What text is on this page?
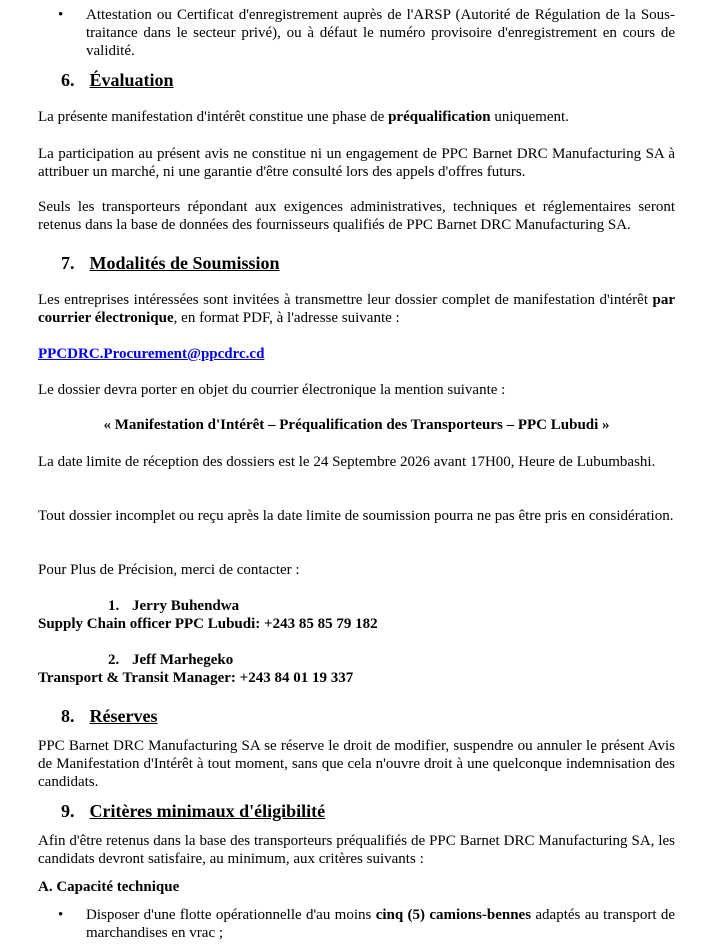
• Attestation ou Certificat d'enregistrement auprès de l'ARSP (Autorité de Régulation de la Sous-traitance dans le secteur privé), ou à défaut le numéro provisoire d'enregistrement en cours de validité.

6. Évaluation

La présente manifestation d'intérêt constitue une phase de préqualification uniquement.

La participation au présent avis ne constitue ni un engagement de PPC Barnet DRC Manufacturing SA à attribuer un marché, ni une garantie d'être consulté lors des appels d'offres futurs.

Seuls les transporteurs répondant aux exigences administratives, techniques et réglementaires seront retenus dans la base de données des fournisseurs qualifiés de PPC Barnet DRC Manufacturing SA.

7. Modalités de Soumission

Les entreprises intéressées sont invitées à transmettre leur dossier complet de manifestation d'intérêt par courrier électronique, en format PDF, à l'adresse suivante :

PPCDRC.Procurement@ppcdrc.cd

Le dossier devra porter en objet du courrier électronique la mention suivante :

« Manifestation d'Intérêt – Préqualification des Transporteurs – PPC Lubudi »

La date limite de réception des dossiers est le 24 Septembre 2026 avant 17H00, Heure de Lubumbashi.

Tout dossier incomplet ou reçu après la date limite de soumission pourra ne pas être pris en considération.

Pour Plus de Précision, merci de contacter :

1. Jerry Buhendwa
Supply Chain officer PPC Lubudi: +243 85 85 79 182
2. Jeff Marhegeko
Transport & Transit Manager: +243 84 01 19 337
8. Réserves

PPC Barnet DRC Manufacturing SA se réserve le droit de modifier, suspendre ou annuler le présent Avis de Manifestation d'Intérêt à tout moment, sans que cela n'ouvre droit à une quelconque indemnisation des candidats.

9. Critères minimaux d'éligibilité

Afin d'être retenus dans la base des transporteurs préqualifiés de PPC Barnet DRC Manufacturing SA, les candidats devront satisfaire, au minimum, aux critères suivants :

A. Capacité technique
• Disposer d'une flotte opérationnelle d'au moins cinq (5) camions-bennes adaptés au transport de marchandises en vrac ;
